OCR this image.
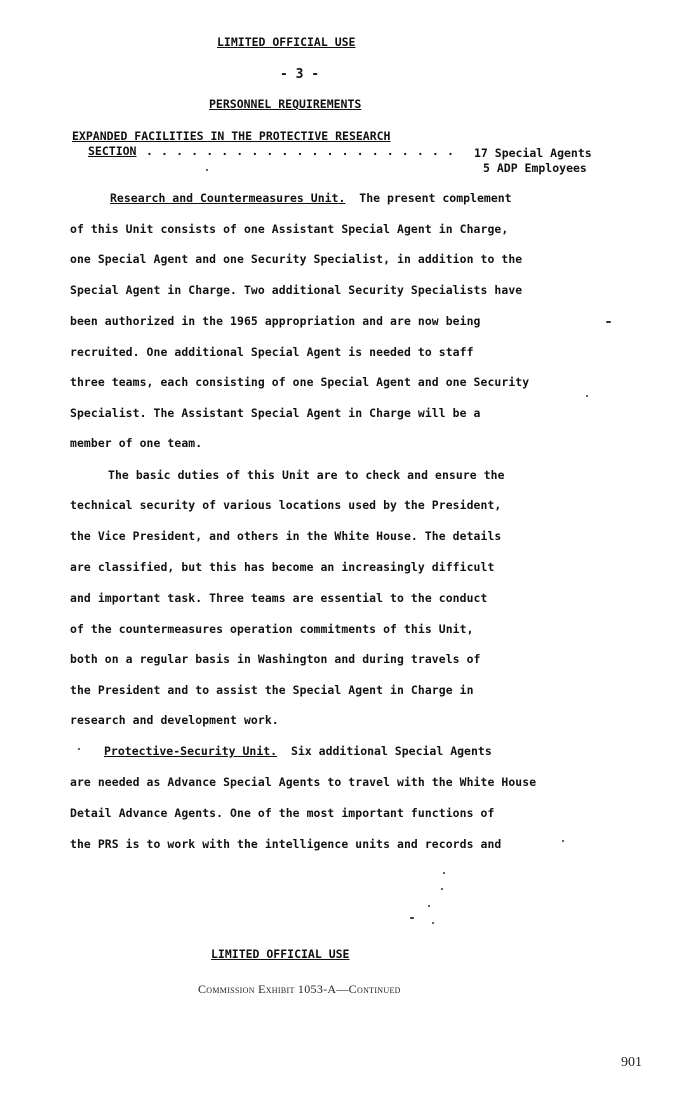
LIMITED OFFICIAL USE
- 3 -
PERSONNEL REQUIREMENTS
EXPANDED FACILITIES IN THE PROTECTIVE RESEARCH
SECTION . . . . . . . . . . . . . . . . . . . . . 17 Special Agents
5 ADP Employees
Research and Countermeasures Unit. The present complement
of this Unit consists of one Assistant Special Agent in Charge,
one Special Agent and one Security Specialist, in addition to the
Special Agent in Charge. Two additional Security Specialists have
been authorized in the 1965 appropriation and are now being
recruited. One additional Special Agent is needed to staff
three teams, each consisting of one Special Agent and one Security
Specialist. The Assistant Special Agent in Charge will be a
member of one team.
The basic duties of this Unit are to check and ensure the
technical security of various locations used by the President,
the Vice President, and others in the White House. The details
are classified, but this has become an increasingly difficult
and important task. Three teams are essential to the conduct
of the countermeasures operation commitments of this Unit,
both on a regular basis in Washington and during travels of
the President and to assist the Special Agent in Charge in
research and development work.
Protective-Security Unit. Six additional Special Agents
are needed as Advance Special Agents to travel with the White House
Detail Advance Agents. One of the most important functions of
the PRS is to work with the intelligence units and records and
LIMITED OFFICIAL USE
Commission Exhibit 1053-A—Continued
901
